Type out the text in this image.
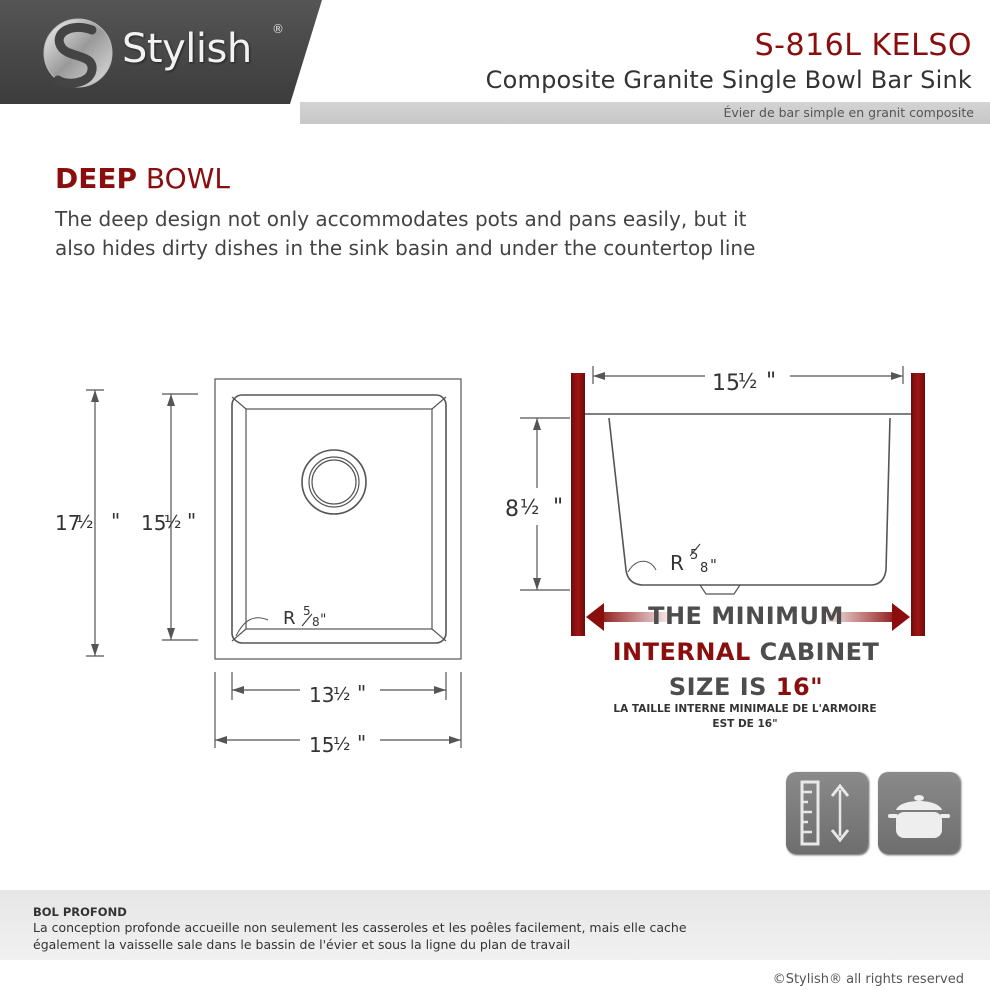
Stylish ®	S-816L KELSO
Composite Granite Single Bowl Bar Sink
Évier de bar simple en granit composite
DEEP BOWL
The deep design not only accommodates pots and pans easily, but it also hides dirty dishes in the sink basin and under the countertop line
17
½ " 15
½ "
13
½ "
15
½ "
R 5
8 "
15
½ "
8 ½ "
R 5
8 "
THE MINIMUM
INTERNAL CABINET
SIZE IS 16"
LA TAILLE INTERNE MINIMALE DE L'ARMOIRE
EST DE 16"
BOL PROFOND
La conception profonde accueille non seulement les casseroles et les poêles facilement, mais elle cache également la vaisselle sale dans le bassin de l'évier et sous la ligne du plan de travail
©Stylish® all rights reserved
